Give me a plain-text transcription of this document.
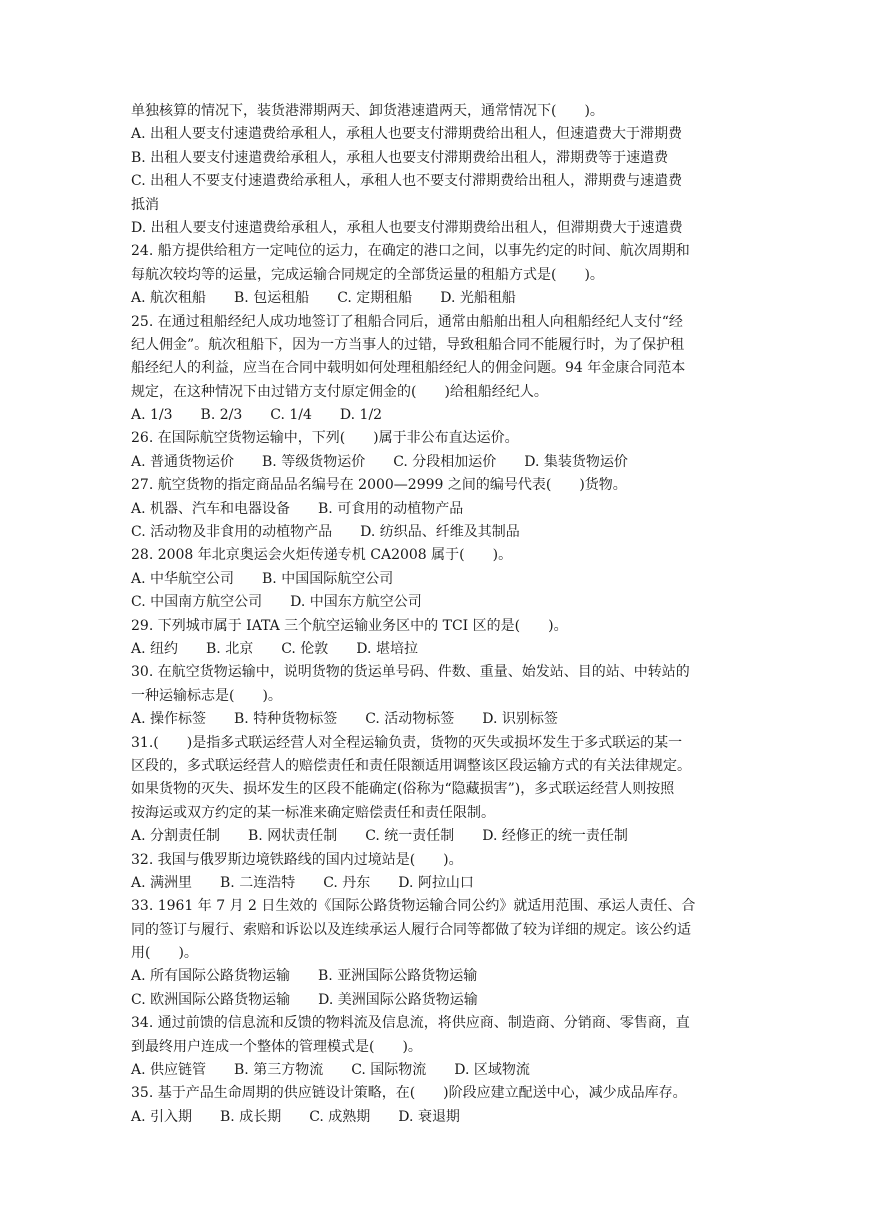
单独核算的情况下，装货港滞期两天、卸货港速遣两天，通常情况下(　　)。
A. 出租人要支付速遣费给承租人，承租人也要支付滞期费给出租人，但速遣费大于滞期费
B. 出租人要支付速遣费给承租人，承租人也要支付滞期费给出租人，滞期费等于速遣费
C. 出租人不要支付速遣费给承租人，承租人也不要支付滞期费给出租人，滞期费与速遣费
抵消
D. 出租人要支付速遣费给承租人，承租人也要支付滞期费给出租人，但滞期费大于速遣费
24. 船方提供给租方一定吨位的运力，在确定的港口之间，以事先约定的时间、航次周期和
每航次较均等的运量，完成运输合同规定的全部货运量的租船方式是(　　)。
A. 航次租船　　B. 包运租船　　C. 定期租船　　D. 光船租船
25. 在通过租船经纪人成功地签订了租船合同后，通常由船舶出租人向租船经纪人支付“经
纪人佣金”。航次租船下，因为一方当事人的过错，导致租船合同不能履行时，为了保护租
船经纪人的利益，应当在合同中载明如何处理租船经纪人的佣金问题。94 年金康合同范本
规定，在这种情况下由过错方支付原定佣金的(　　)给租船经纪人。
A. 1/3　　B. 2/3　　C. 1/4　　D. 1/2
26. 在国际航空货物运输中，下列(　　)属于非公布直达运价。
A. 普通货物运价　　B. 等级货物运价　　C. 分段相加运价　　D. 集装货物运价
27. 航空货物的指定商品品名编号在 2000—2999 之间的编号代表(　　)货物。
A. 机器、汽车和电器设备　　B. 可食用的动植物产品
C. 活动物及非食用的动植物产品　　D. 纺织品、纤维及其制品
28. 2008 年北京奥运会火炬传递专机 CA2008 属于(　　)。
A. 中华航空公司　　B. 中国国际航空公司
C. 中国南方航空公司　　D. 中国东方航空公司
29. 下列城市属于 IATA 三个航空运输业务区中的 TCI 区的是(　　)。
A. 纽约　　B. 北京　　C. 伦敦　　D. 堪培拉
30. 在航空货物运输中，说明货物的货运单号码、件数、重量、始发站、目的站、中转站的
一种运输标志是(　　)。
A. 操作标签　　B. 特种货物标签　　C. 活动物标签　　D. 识别标签
31.(　　)是指多式联运经营人对全程运输负责，货物的灭失或损坏发生于多式联运的某一
区段的，多式联运经营人的赔偿责任和责任限额适用调整该区段运输方式的有关法律规定。
如果货物的灭失、损坏发生的区段不能确定(俗称为“隐藏损害”)，多式联运经营人则按照
按海运或双方约定的某一标准来确定赔偿责任和责任限制。
A. 分割责任制　　B. 网状责任制　　C. 统一责任制　　D. 经修正的统一责任制
32. 我国与俄罗斯边境铁路线的国内过境站是(　　)。
A. 满洲里　　B. 二连浩特　　C. 丹东　　D. 阿拉山口
33. 1961 年 7 月 2 日生效的《国际公路货物运输合同公约》就适用范围、承运人责任、合
同的签订与履行、索赔和诉讼以及连续承运人履行合同等都做了较为详细的规定。该公约适
用(　　)。
A. 所有国际公路货物运输　　B. 亚洲国际公路货物运输
C. 欧洲国际公路货物运输　　D. 美洲国际公路货物运输
34. 通过前馈的信息流和反馈的物料流及信息流，将供应商、制造商、分销商、零售商，直
到最终用户连成一个整体的管理模式是(　　)。
A. 供应链管　　B. 第三方物流　　C. 国际物流　　D. 区域物流
35. 基于产品生命周期的供应链设计策略，在(　　)阶段应建立配送中心，减少成品库存。
A. 引入期　　B. 成长期　　C. 成熟期　　D. 衰退期
